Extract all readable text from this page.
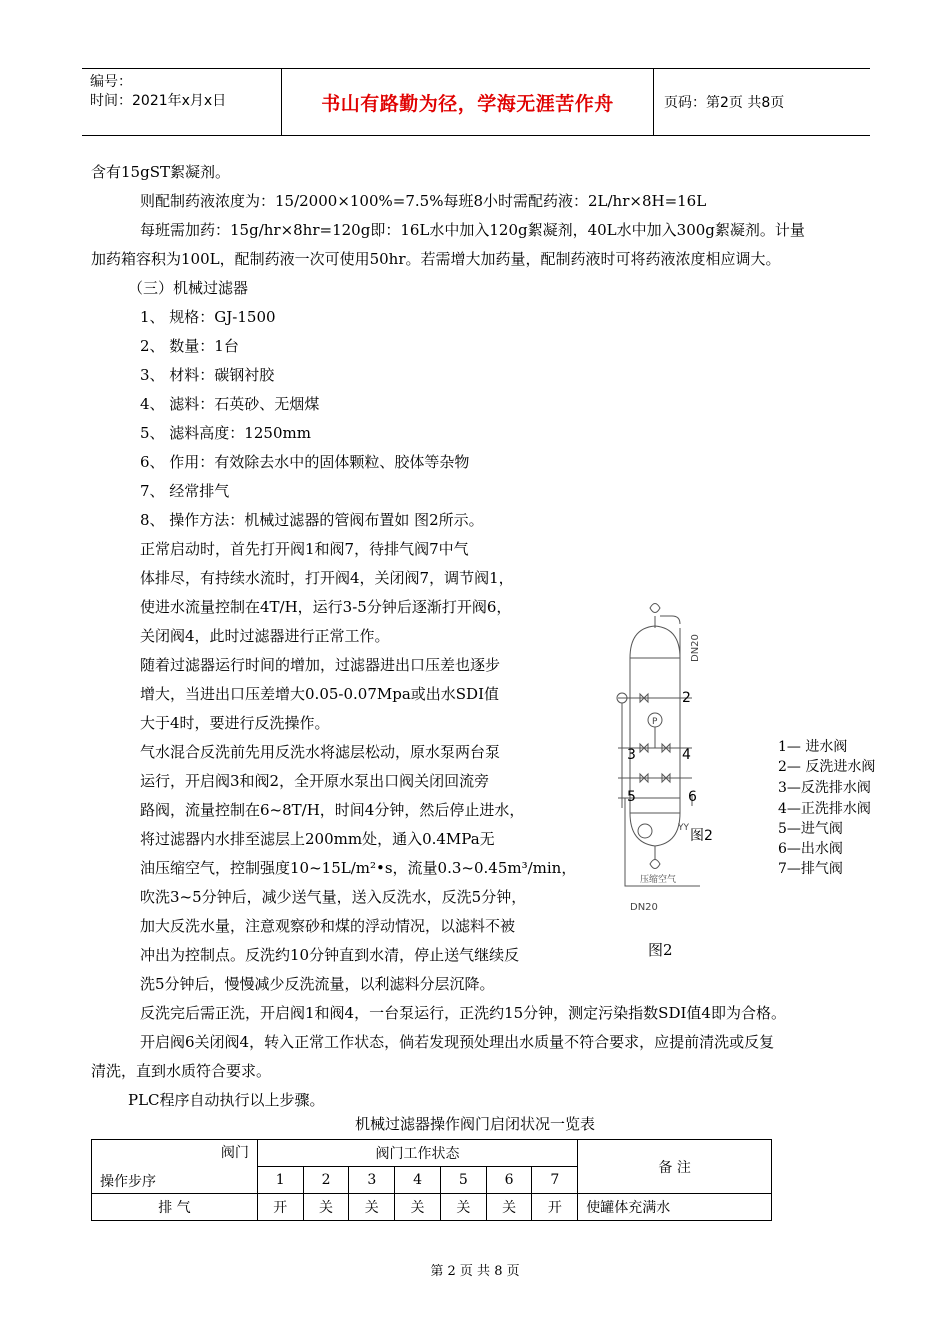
编号：
时间：2021年x月x日	书山有路勤为径，学海无涯苦作舟	页码：第2页 共8页
含有15gST絮凝剂。
则配制药液浓度为：15/2000×100%=7.5%每班8小时需配药液：2L/hr×8H=16L
每班需加药：15g/hr×8hr=120g即：16L水中加入120g絮凝剂，40L水中加入300g絮凝剂。计量
加药箱容积为100L，配制药液一次可使用50hr。若需增大加药量，配制药液时可将药液浓度相应调大。
（三）机械过滤器
1、 规格：GJ-1500
2、 数量：1台
3、 材料：碳钢衬胶
4、 滤料：石英砂、无烟煤
5、 滤料高度：1250mm
6、 作用：有效除去水中的固体颗粒、胶体等杂物
7、 经常排气
8、 操作方法：机械过滤器的管阀布置如 图2所示。
正常启动时，首先打开阀1和阀7，待排气阀7中气
体排尽，有持续水流时，打开阀4，关闭阀7，调节阀1，
使进水流量控制在4T/H，运行3-5分钟后逐渐打开阀6，
关闭阀4，此时过滤器进行正常工作。
随着过滤器运行时间的增加，过滤器进出口压差也逐步
增大，当进出口压差增大0.05-0.07Mpa或出水SDI值
大于4时，要进行反洗操作。
气水混合反洗前先用反洗水将滤层松动，原水泵两台泵
运行，开启阀3和阀2，全开原水泵出口阀关闭回流旁
路阀，流量控制在6~8T/H，时间4分钟，然后停止进水，
将过滤器内水排至滤层上200mm处，通入0.4MPa无
油压缩空气，控制强度10~15L/m²•s，流量0.3~0.45m³/min，
吹洗3~5分钟后，减少送气量，送入反洗水，反洗5分钟，
加大反洗水量，注意观察砂和煤的浮动情况，以滤料不被
冲出为控制点。反洗约10分钟直到水清，停止送气继续反
洗5分钟后，慢慢减少反洗流量，以利滤料分层沉降。
反洗完后需正洗，开启阀1和阀4，一台泵运行，正洗约15分钟，测定污染指数SDI值4即为合格。
开启阀6关闭阀4，转入正常工作状态，倘若发现预处理出水质量不符合要求，应提前清洗或反复
清洗，直到水质符合要求。
PLC程序自动执行以上步骤。
DN20
P
压缩空气
DN20
YY
2
3	4
5	6
图2
图2
1— 进水阀
2— 反洗进水阀
3—反洗排水阀
4—正洗排水阀
5—进气阀
6—出水阀
7—排气阀
机械过滤器操作阀门启闭状况一览表
阀门
操作步序	阀门工作状态							备 注
	1	2	3	4	5	6	7	
排 气	开	关	关	关	关	关	开	使罐体充满水
第 2 页 共 8 页
